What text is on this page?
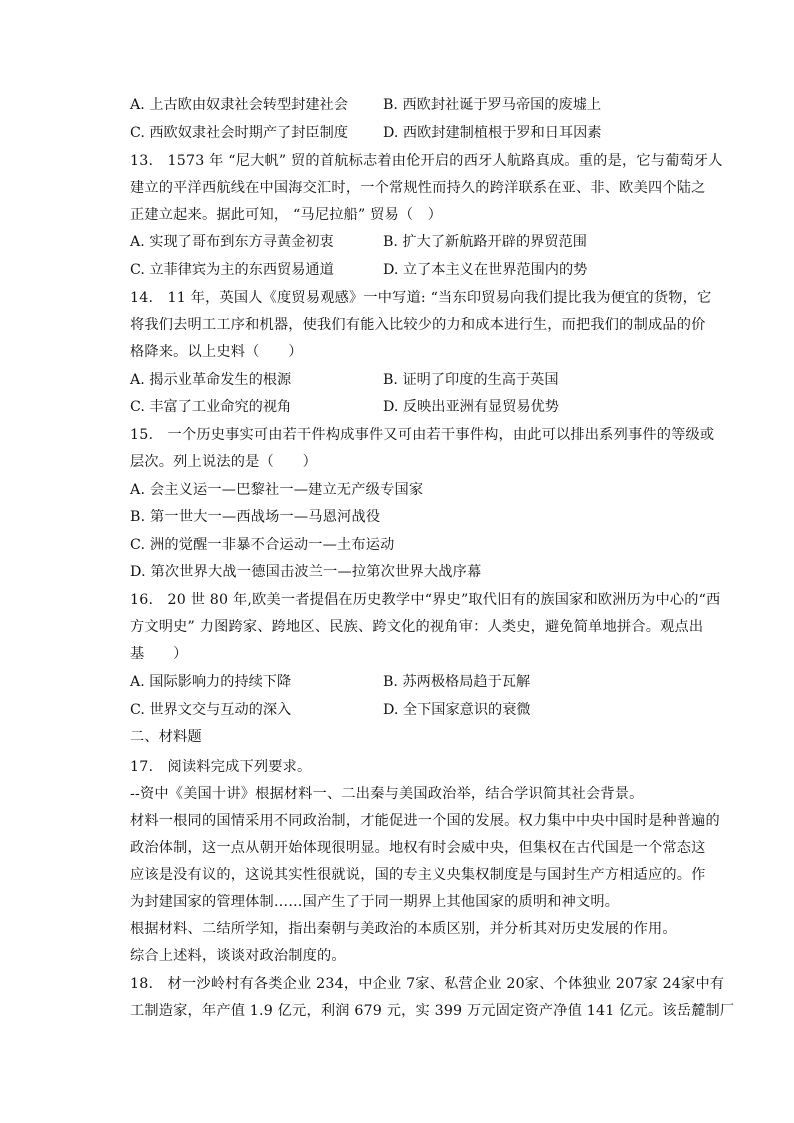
A. 上古欧由奴隶社会转型封建社会 B. 西欧封社诞于罗马帝国的废墟上
C. 西欧奴隶社会时期产了封臣制度 D. 西欧封建制植根于罗和日耳因素
13.　1573 年 “尼大帆” 贸的首航标志着由伦开启的西牙人航路真成。重的是，它与葡萄牙人
建立的平洋西航线在中国海交汇时，一个常规性而持久的跨洋联系在亚、非、欧美四个陆之
正建立起来。据此可知， “马尼拉船” 贸易（　）
A. 实现了哥布到东方寻黄金初衷	B. 扩大了新航路开辟的界贸范围
C. 立菲律宾为主的东西贸易通道	D. 立了本主义在世界范围内的势
14.　11 年，英国人《度贸易观感》一中写道: “当东印贸易向我们提比我为便宜的货物，它
将我们去明工工序和机器，使我们有能入比较少的力和成本进行生，而把我们的制成品的价
格降来。以上史料（　　）
A. 揭示业革命发生的根源	B. 证明了印度的生高于英国
C. 丰富了工业命究的视角	D. 反映出亚洲有显贸易优势
15.　一个历史事实可由若干件构成事件又可由若干事件构，由此可以排出系列事件的等级或
层次。列上说法的是（　　）
A. 会主义运一—巴黎社一—建立无产级专国家
B. 第一世大一—西战场一—马恩河战役
C. 洲的觉醒一非暴不合运动一—土布运动
D. 第次世界大战一德国击波兰一—拉第次世界大战序幕
16.　20 世 80 年,欧美一者提倡在历史教学中“界史”取代旧有的族国家和欧洲历为中心的“西
方文明史” 力图跨家、跨地区、民族、跨文化的视角审：人类史，避免简单地拼合。观点出
基　　）
A. 国际影响力的持续下降	B. 苏两极格局趋于瓦解
C. 世界文交与互动的深入	D. 全下国家意识的衰微
二、材料题
17.　阅读料完成下列要求。
--资中《美国十讲》根据材料一、二出秦与美国政治举，结合学识简其社会背景。
材料一根同的国情采用不同政治制，才能促进一个国的发展。权力集中中央中国时是种普遍的
政治体制，这一点从朝开始体现很明显。地权有时会威中央，但集权在古代国是一个常态这
应该是没有议的，这说其实性很就说，国的专主义央集权制度是与国封生产方相适应的。作
为封建国家的管理体制……国产生了于同一期界上其他国家的质明和神文明。
根据材料、二结所学知，指出秦朝与美政治的本质区别，并分析其对历史发展的作用。
综合上述料，谈谈对政治制度的。
18.　材一沙岭村有各类企业 234，中企业 7家、私营企业 20家、个体独业 207家 24家中有
工制造家，年产值 1.9 亿元，利润 679 元，实 399 万元固定资产净值 141 亿元。该岳麓制厂
